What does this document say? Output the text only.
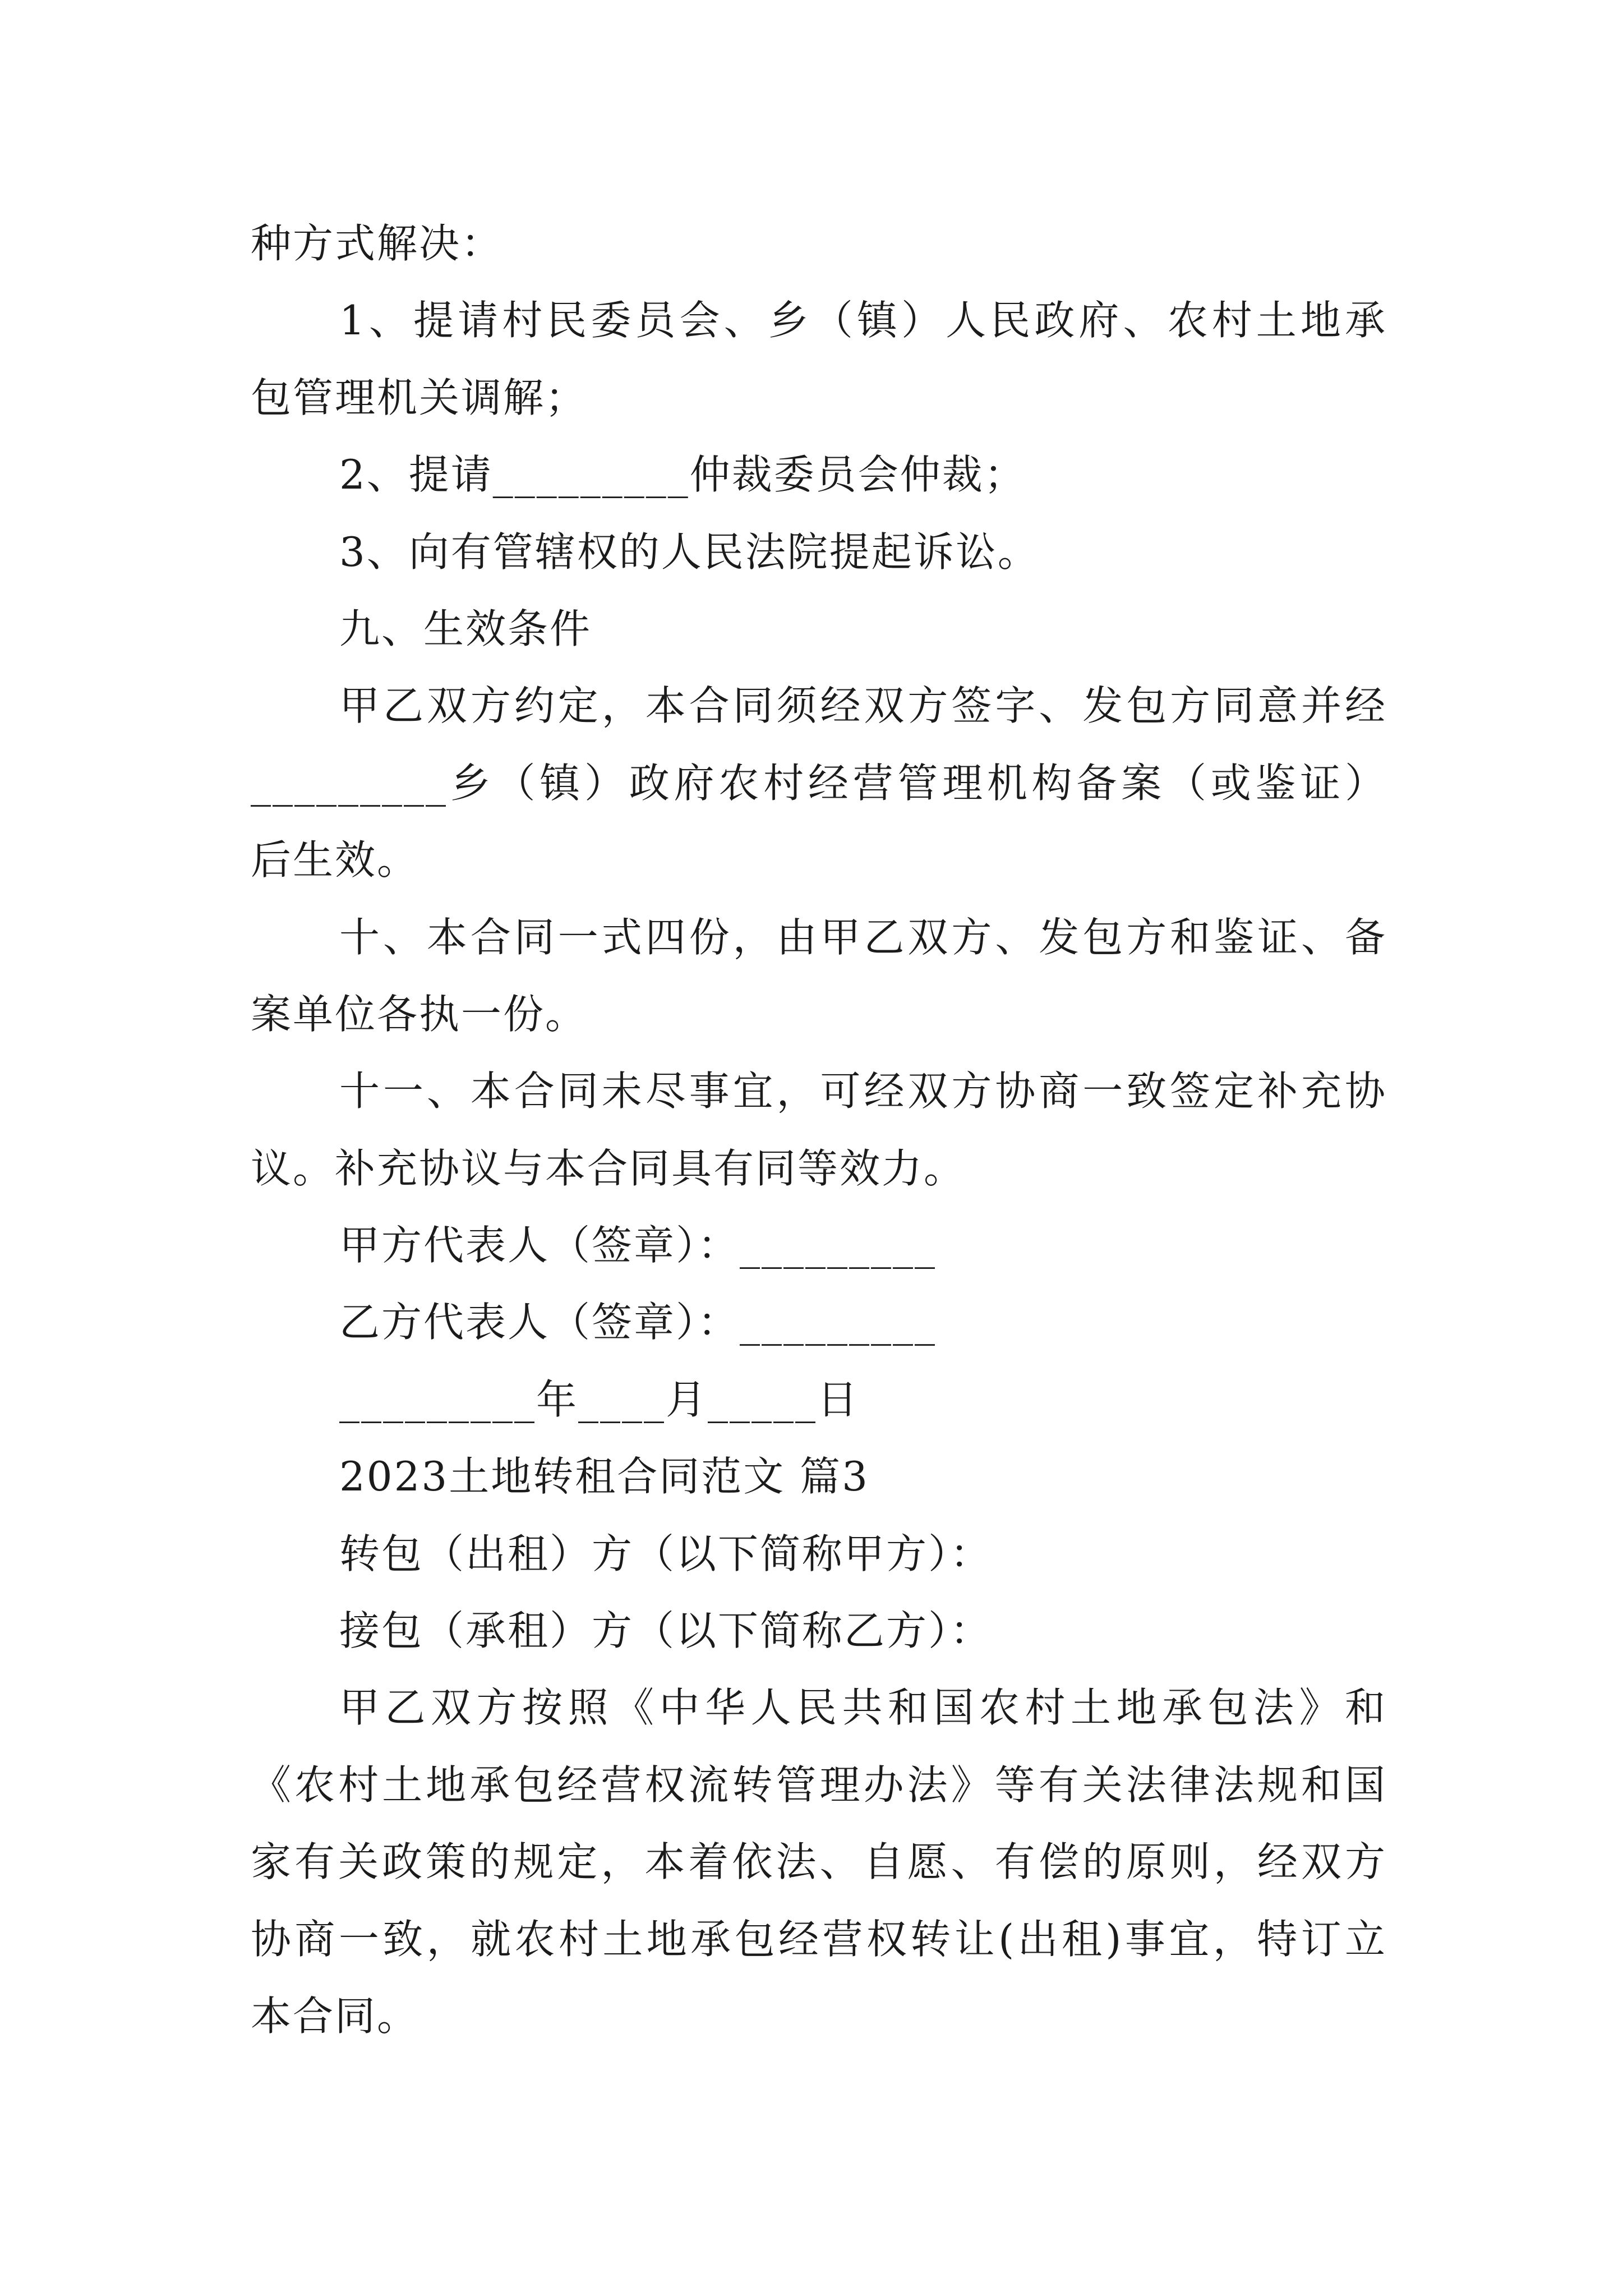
种方式解决：
1、提请村民委员会、乡（镇）人民政府、农村土地承
包管理机关调解；
2、提请_________仲裁委员会仲裁；
3、向有管辖权的人民法院提起诉讼。
九、生效条件
甲乙双方约定，本合同须经双方签字、发包方同意并经
_________乡（镇）政府农村经营管理机构备案（或鉴证）
后生效。
十、本合同一式四份，由甲乙双方、发包方和鉴证、备
案单位各执一份。
十一、本合同未尽事宜，可经双方协商一致签定补充协
议。补充协议与本合同具有同等效力。
甲方代表人（签章）：_________
乙方代表人（签章）：_________
_________年____月_____日
2023土地转租合同范文 篇3
转包（出租）方（以下简称甲方）：
接包（承租）方（以下简称乙方）：
甲乙双方按照《中华人民共和国农村土地承包法》和
《农村土地承包经营权流转管理办法》等有关法律法规和国
家有关政策的规定，本着依法、自愿、有偿的原则，经双方
协商一致，就农村土地承包经营权转让(出租)事宜，特订立
本合同。
